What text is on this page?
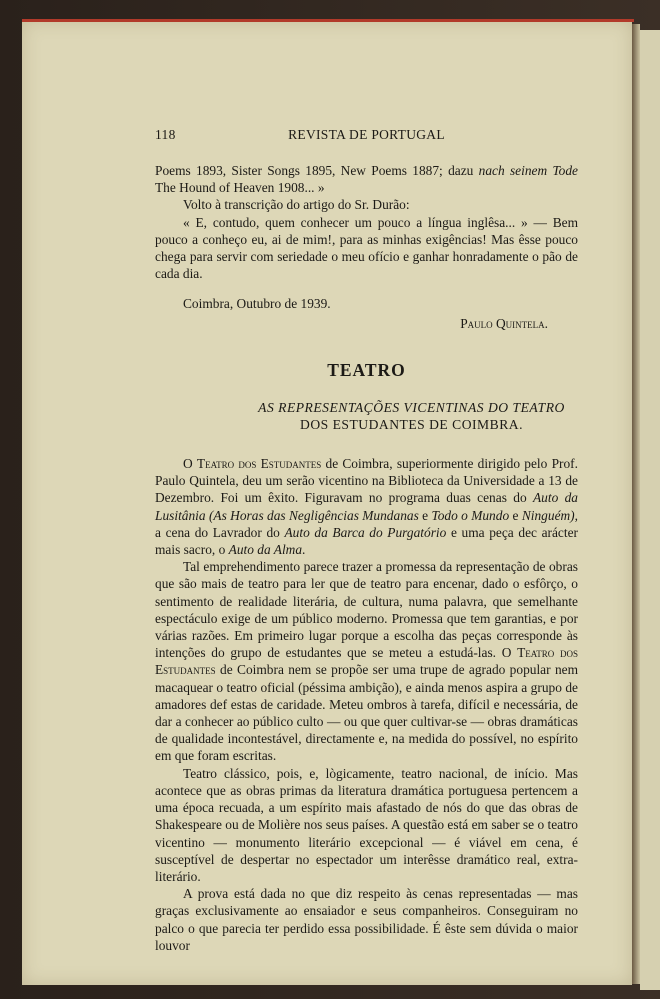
118	REVISTA DE PORTUGAL

Poems 1893, Sister Songs 1895, New Poems 1887; dazu nach seinem Tode The Hound of Heaven 1908... »

Volto à transcrição do artigo do Sr. Durão:

« E, contudo, quem conhecer um pouco a língua inglêsa... » — Bem pouco a conheço eu, ai de mim!, para as minhas exigências! Mas êsse pouco chega para servir com seriedade o meu ofício e ganhar honradamente o pão de cada dia.

Coimbra, Outubro de 1939.

Paulo Quintela.

TEATRO
AS REPRESENTAÇÕES VICENTINAS DO TEATRO
DOS ESTUDANTES DE COIMBRA.

O Teatro dos Estudantes de Coimbra, superiormente dirigido pelo Prof. Paulo Quintela, deu um serão vicentino na Biblioteca da Universidade a 13 de Dezembro. Foi um êxito. Figuravam no programa duas cenas do Auto da Lusitânia (As Horas das Negligências Mundanas e Todo o Mundo e Ninguém), a cena do Lavrador do Auto da Barca do Purgatório e uma peça dec arácter mais sacro, o Auto da Alma.

Tal emprehendimento parece trazer a promessa da representação de obras que são mais de teatro para ler que de teatro para encenar, dado o esfôrço, o sentimento de realidade literária, de cultura, numa palavra, que semelhante espectáculo exige de um público moderno. Promessa que tem garantias, e por várias razões. Em primeiro lugar porque a escolha das peças corresponde às intenções do grupo de estudantes que se meteu a estudá-las. O Teatro dos Estudantes de Coimbra nem se propõe ser uma trupe de agrado popular nem macaquear o teatro oficial (péssima ambição), e ainda menos aspira a grupo de amadores def estas de caridade. Meteu ombros à tarefa, difícil e necessária, de dar a conhecer ao público culto — ou que quer cultivar-se — obras dramáticas de qualidade incontestável, directamente e, na medida do possível, no espírito em que foram escritas.

Teatro clássico, pois, e, lògicamente, teatro nacional, de início. Mas acontece que as obras primas da literatura dramática portuguesa pertencem a uma época recuada, a um espírito mais afastado de nós do que das obras de Shakespeare ou de Molière nos seus países. A questão está em saber se o teatro vicentino — monumento literário excepcional — é viável em cena, é susceptível de despertar no espectador um interêsse dramático real, extra-literário.

A prova está dada no que diz respeito às cenas representadas — mas graças exclusivamente ao ensaiador e seus companheiros. Conseguiram no palco o que parecia ter perdido essa possibilidade. É êste sem dúvida o maior louvor
